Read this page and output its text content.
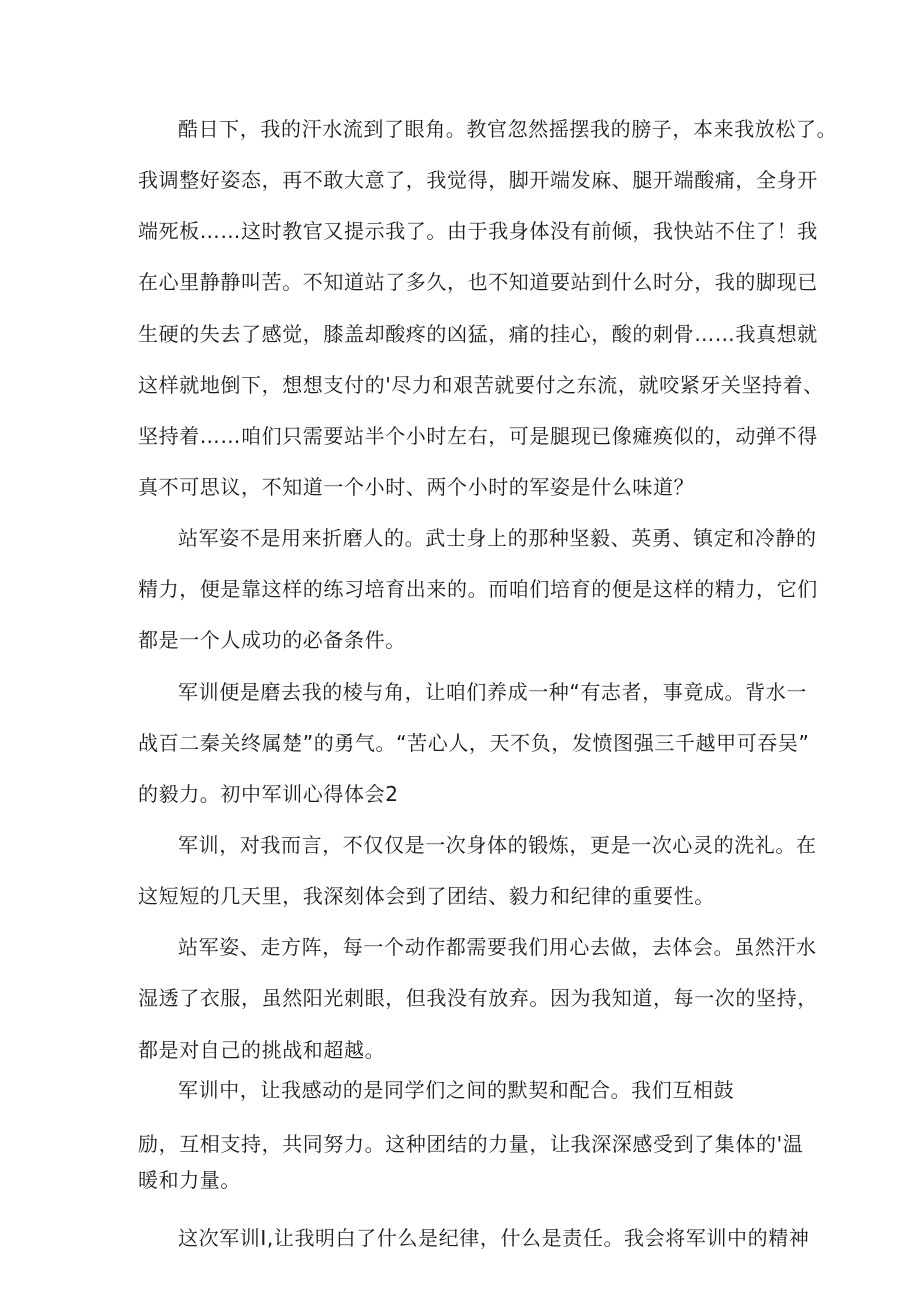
酷日下，我的汗水流到了眼角。教官忽然摇摆我的膀子，本来我放松了。
我调整好姿态，再不敢大意了，我觉得，脚开端发麻、腿开端酸痛，全身开
端死板……这时教官又提示我了。由于我身体没有前倾，我快站不住了！我
在心里静静叫苦。不知道站了多久，也不知道要站到什么时分，我的脚现已
生硬的失去了感觉，膝盖却酸疼的凶猛，痛的挂心，酸的刺骨……我真想就
这样就地倒下，想想支付的'尽力和艰苦就要付之东流，就咬紧牙关坚持着、
坚持着……咱们只需要站半个小时左右，可是腿现已像瘫痪似的，动弹不得
真不可思议，不知道一个小时、两个小时的军姿是什么味道？
站军姿不是用来折磨人的。武士身上的那种坚毅、英勇、镇定和冷静的
精力，便是靠这样的练习培育出来的。而咱们培育的便是这样的精力，它们
都是一个人成功的必备条件。
军训便是磨去我的棱与角，让咱们养成一种“有志者，事竟成。背水一
战百二秦关终属楚”的勇气。“苦心人，天不负，发愤图强三千越甲可吞吴”
的毅力。初中军训心得体会2
军训，对我而言，不仅仅是一次身体的锻炼，更是一次心灵的洗礼。在
这短短的几天里，我深刻体会到了团结、毅力和纪律的重要性。
站军姿、走方阵，每一个动作都需要我们用心去做，去体会。虽然汗水
湿透了衣服，虽然阳光刺眼，但我没有放弃。因为我知道，每一次的坚持，
都是对自己的挑战和超越。
军训中，让我感动的是同学们之间的默契和配合。我们互相鼓
励，互相支持，共同努力。这种团结的力量，让我深深感受到了集体的'温
暖和力量。
这次军训Ⅰ,让我明白了什么是纪律，什么是责任。我会将军训中的精神
